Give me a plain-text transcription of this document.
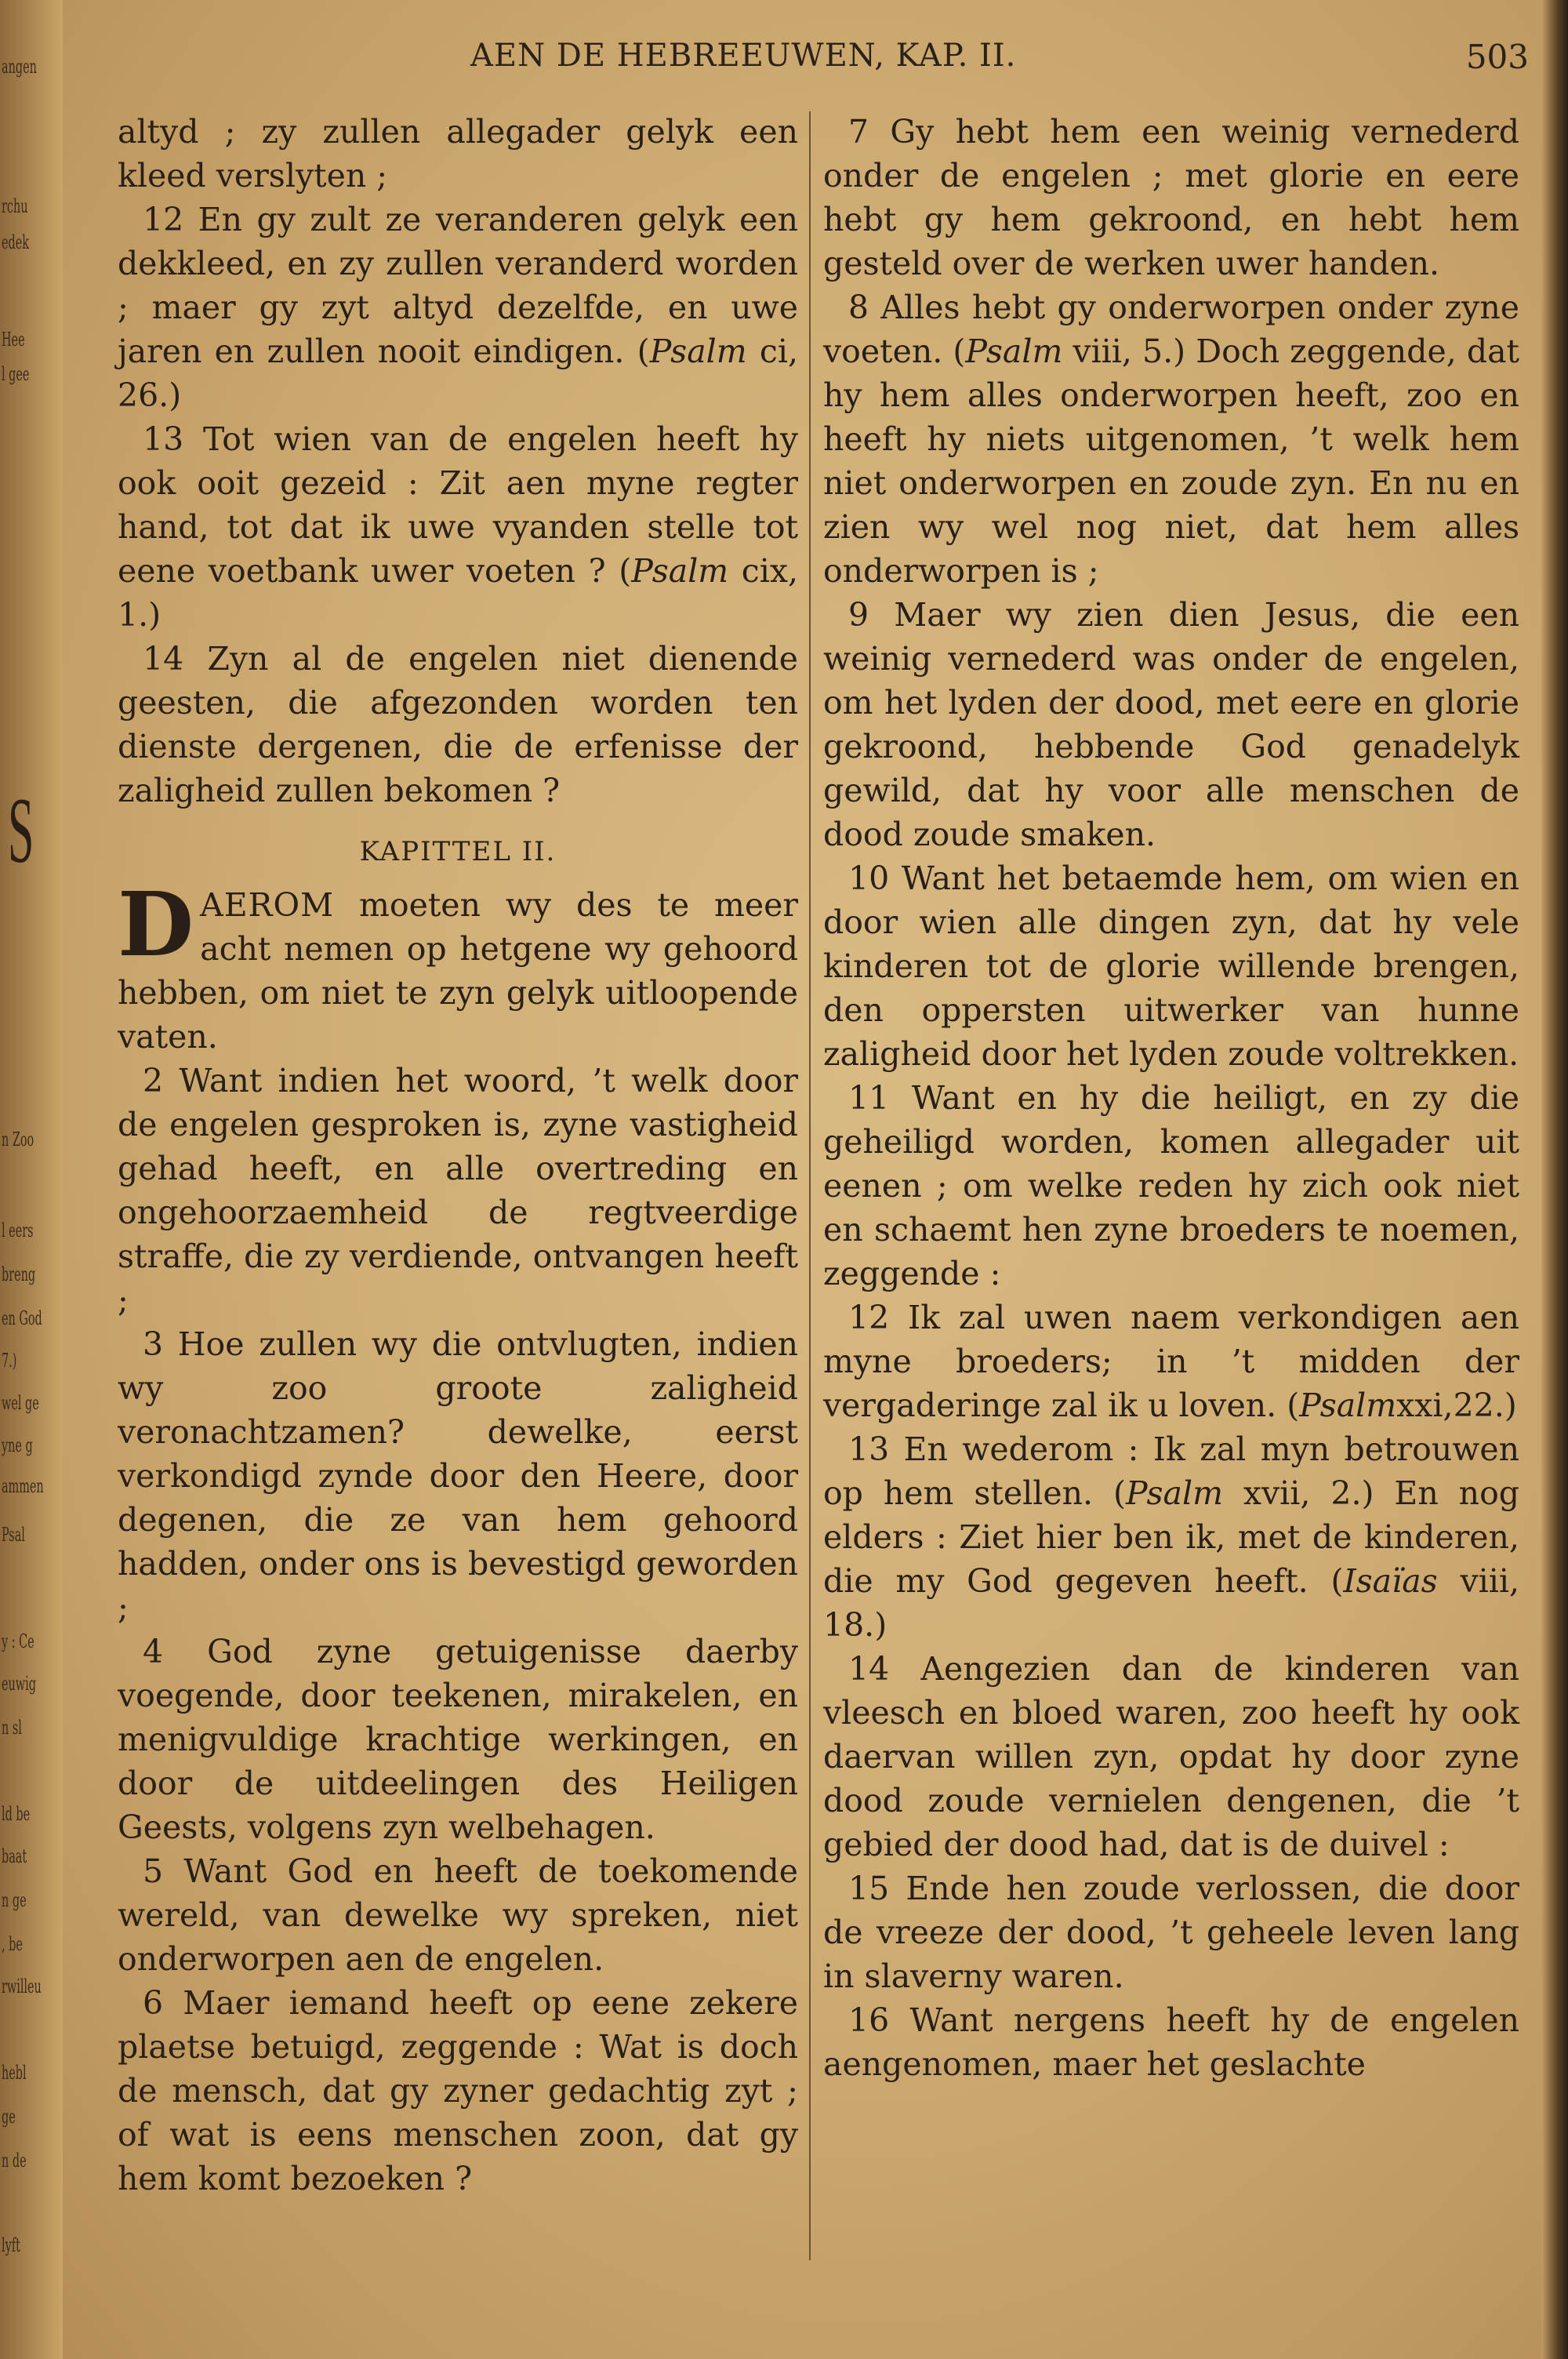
angen
rchu
edek
Hee
l gee
S
n Zoo
l eers
breng
en God
7.)
wel ge
yne g
ammen
Psal
y : Ce
euwig
n sl
ld be
baat
n ge
, be
rwilleu
hebl
ge
n de
lyft
AEN DE HEBREEUWEN, KAP. II.	503

altyd ; zy zullen allegader gelyk een kleed verslyten ;

12 En gy zult ze veranderen gelyk een dekkleed, en zy zullen veranderd worden ; maer gy zyt altyd dezelfde, en uwe jaren en zullen nooit eindigen. (Psalm ci, 26.)

13 Tot wien van de engelen heeft hy ook ooit gezeid : Zit aen myne regter hand, tot dat ik uwe vyanden stelle tot eene voetbank uwer voeten ? (Psalm cix, 1.)

14 Zyn al de engelen niet dienende geesten, die afgezonden worden ten dienste dergenen, die de erfenisse der zaligheid zullen bekomen ?

KAPITTEL II.

DAEROM moeten wy des te meer acht nemen op hetgene wy gehoord hebben, om niet te zyn gelyk uitloopende vaten.

2 Want indien het woord, ’t welk door de engelen gesproken is, zyne vastigheid gehad heeft, en alle overtreding en ongehoorzaemheid de regtveerdige straffe, die zy verdiende, ontvangen heeft ;

3 Hoe zullen wy die ontvlugten, indien wy zoo groote zaligheid veronachtzamen? dewelke, eerst verkondigd zynde door den Heere, door degenen, die ze van hem gehoord hadden, onder ons is bevestigd geworden ;

4 God zyne getuigenisse daerby voegende, door teekenen, mirakelen, en menigvuldige krachtige werkingen, en door de uitdeelingen des Heiligen Geests, volgens zyn welbehagen.

5 Want God en heeft de toekomende wereld, van dewelke wy spreken, niet onderworpen aen de engelen.

6 Maer iemand heeft op eene zekere plaetse betuigd, zeggende : Wat is doch de mensch, dat gy zyner gedachtig zyt ; of wat is eens menschen zoon, dat gy hem komt bezoeken ?

7 Gy hebt hem een weinig vernederd onder de engelen ; met glorie en eere hebt gy hem gekroond, en hebt hem gesteld over de werken uwer handen.

8 Alles hebt gy onderworpen onder zyne voeten. (Psalm viii, 5.) Doch zeggende, dat hy hem alles onderworpen heeft, zoo en heeft hy niets uitgenomen, ’t welk hem niet onderworpen en zoude zyn. En nu en zien wy wel nog niet, dat hem alles onderworpen is ;

9 Maer wy zien dien Jesus, die een weinig vernederd was onder de engelen, om het lyden der dood, met eere en glorie gekroond, hebbende God genadelyk gewild, dat hy voor alle menschen de dood zoude smaken.

10 Want het betaemde hem, om wien en door wien alle dingen zyn, dat hy vele kinderen tot de glorie willende brengen, den oppersten uitwerker van hunne zaligheid door het lyden zoude voltrekken.

11 Want en hy die heiligt, en zy die geheiligd worden, komen allegader uit eenen ; om welke reden hy zich ook niet en schaemt hen zyne broeders te noemen, zeggende :

12 Ik zal uwen naem verkondigen aen myne broeders; in ’t midden der vergaderinge zal ik u loven. (Psalmxxi,22.)

13 En wederom : Ik zal myn betrouwen op hem stellen. (Psalm xvii, 2.) En nog elders : Ziet hier ben ik, met de kinderen, die my God gegeven heeft. (Isaïas viii, 18.)

14 Aengezien dan de kinderen van vleesch en bloed waren, zoo heeft hy ook daervan willen zyn, opdat hy door zyne dood zoude vernielen dengenen, die ’t gebied der dood had, dat is de duivel :

15 Ende hen zoude verlossen, die door de vreeze der dood, ’t geheele leven lang in slaverny waren.

16 Want nergens heeft hy de engelen aengenomen, maer het geslachte
